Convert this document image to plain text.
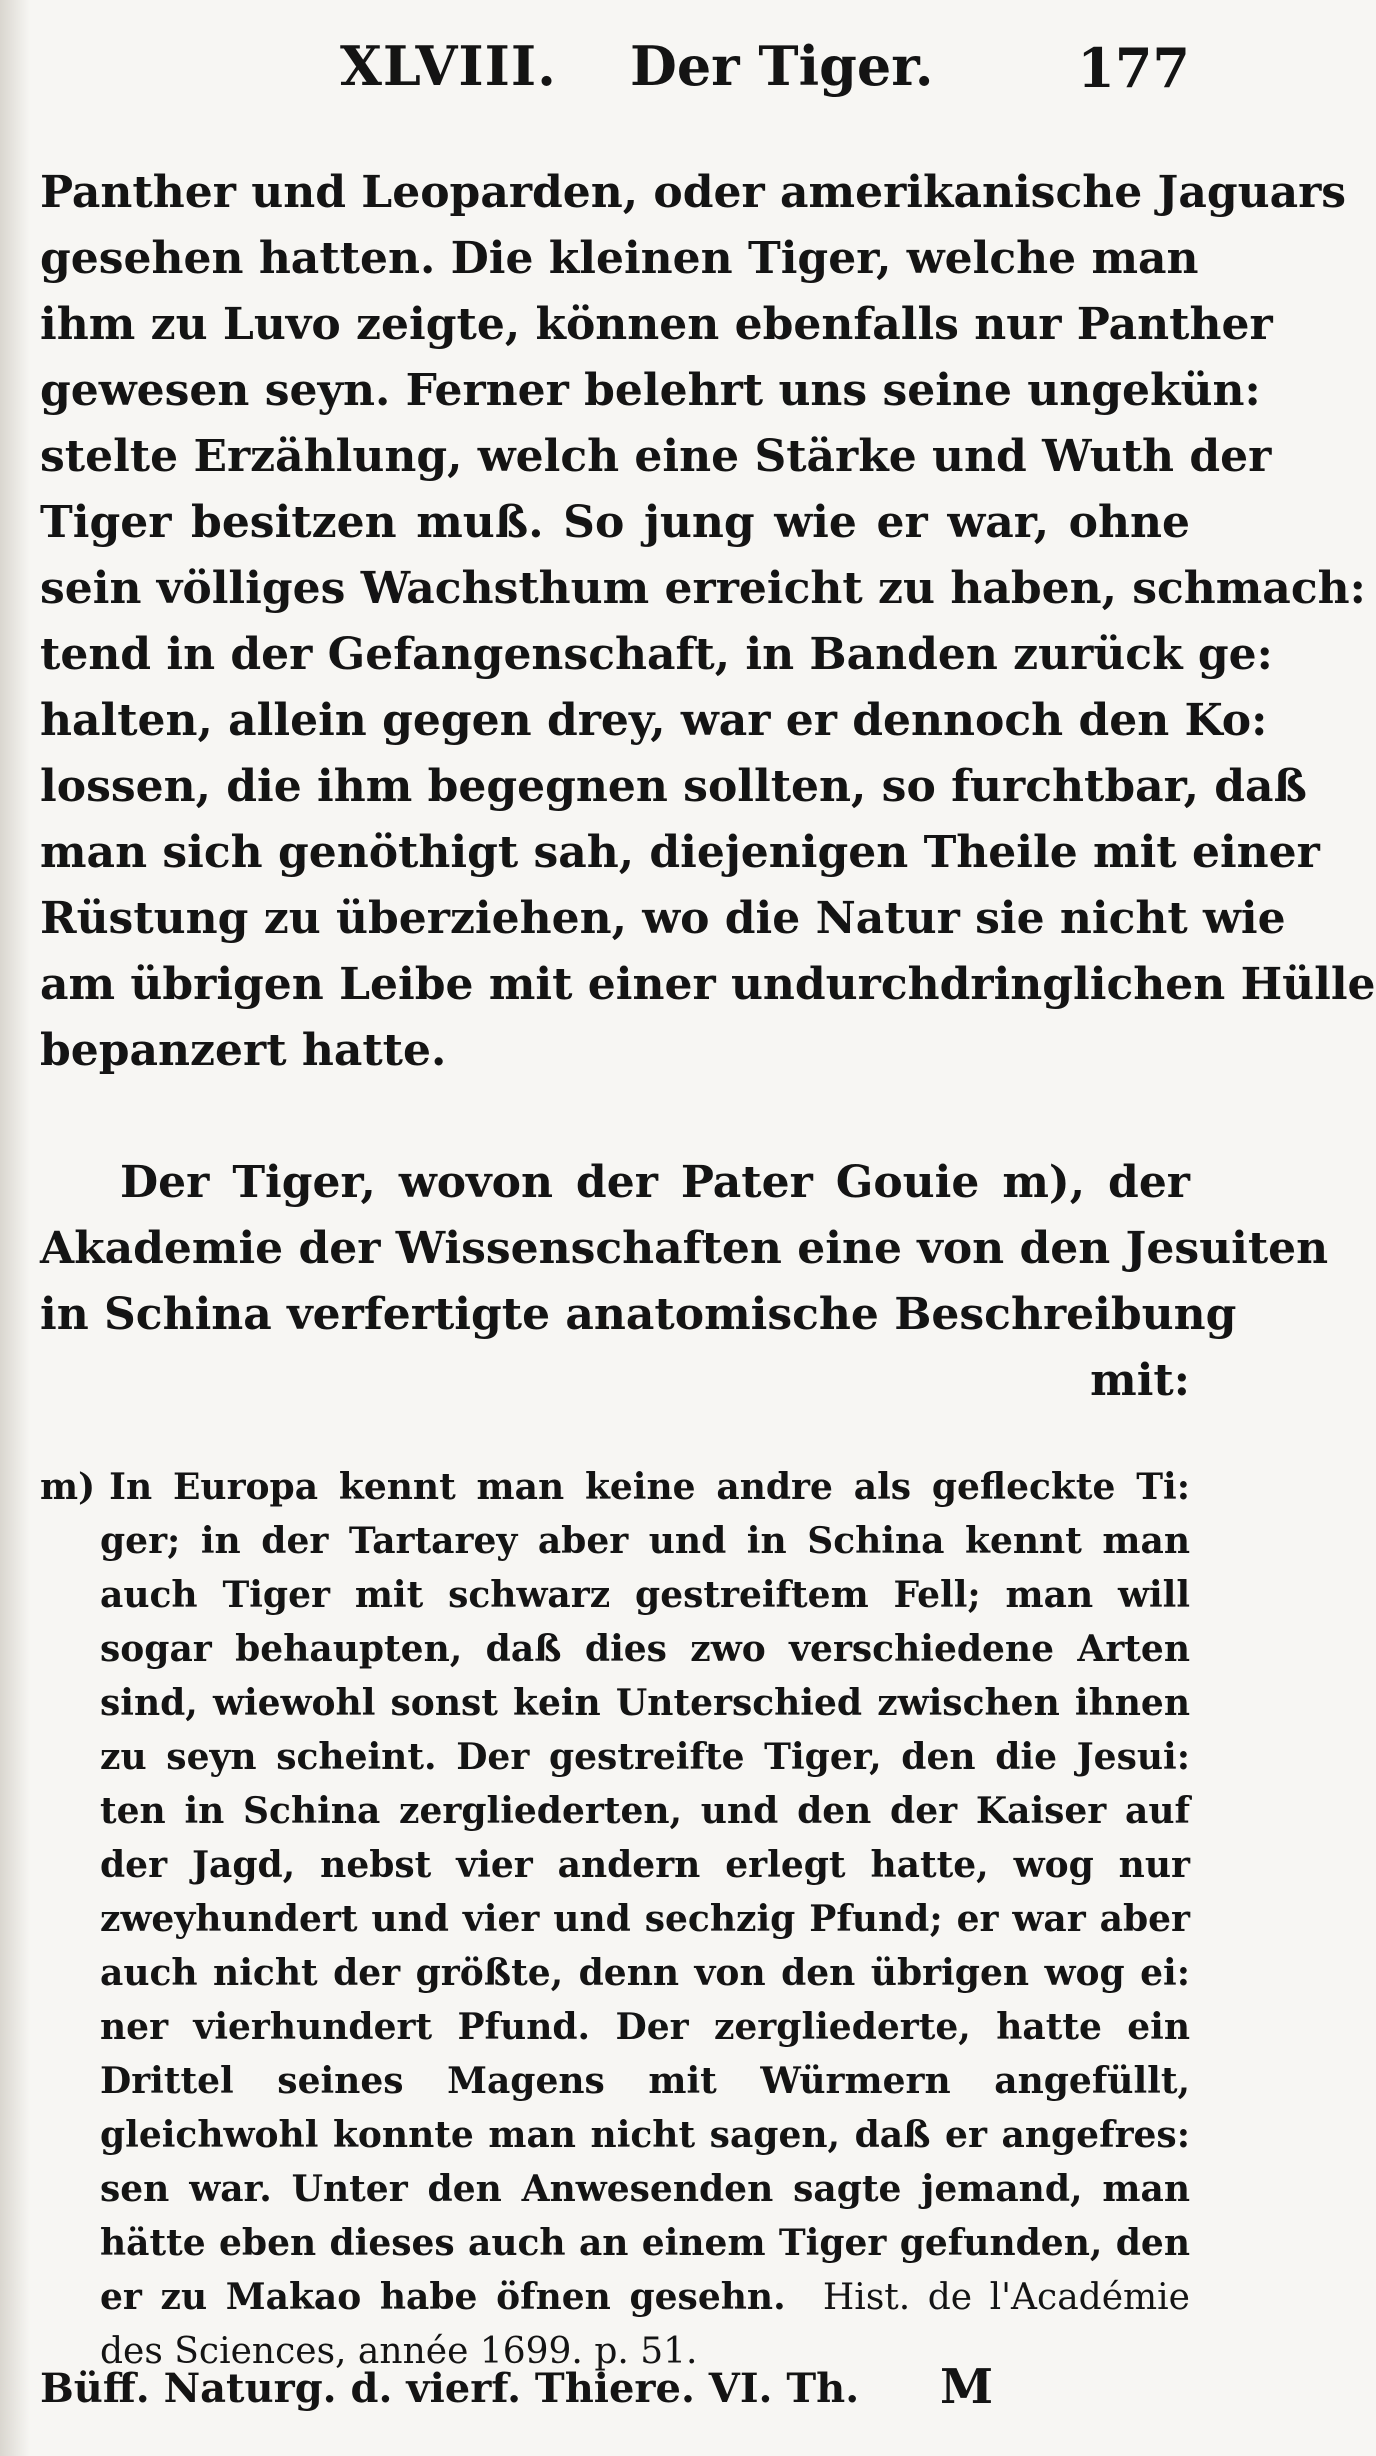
XLVIII. Der Tiger.	177
Panther und Leoparden, oder amerikanische Jaguars
gesehen hatten. Die kleinen Tiger, welche man
ihm zu Luvo zeigte, können ebenfalls nur Panther
gewesen seyn. Ferner belehrt uns seine ungekün:
stelte Erzählung, welch eine Stärke und Wuth der
Tiger besitzen muß. So jung wie er war, ohne
sein völliges Wachsthum erreicht zu haben, schmach:
tend in der Gefangenschaft, in Banden zurück ge:
halten, allein gegen drey, war er dennoch den Ko:
lossen, die ihm begegnen sollten, so furchtbar, daß
man sich genöthigt sah, diejenigen Theile mit einer
Rüstung zu überziehen, wo die Natur sie nicht wie
am übrigen Leibe mit einer undurchdringlichen Hülle
bepanzert hatte.
Der Tiger, wovon der Pater Gouie m), der
Akademie der Wissenschaften eine von den Jesuiten
in Schina verfertigte anatomische Beschreibung
mit:
m) In Europa kennt man keine andre als gefleckte Ti:
ger; in der Tartarey aber und in Schina kennt man
auch Tiger mit schwarz gestreiftem Fell; man will
sogar behaupten, daß dies zwo verschiedene Arten
sind, wiewohl sonst kein Unterschied zwischen ihnen
zu seyn scheint. Der gestreifte Tiger, den die Jesui:
ten in Schina zergliederten, und den der Kaiser auf
der Jagd, nebst vier andern erlegt hatte, wog nur
zweyhundert und vier und sechzig Pfund; er war aber
auch nicht der größte, denn von den übrigen wog ei:
ner vierhundert Pfund. Der zergliederte, hatte ein
Drittel seines Magens mit Würmern angefüllt,
gleichwohl konnte man nicht sagen, daß er angefres:
sen war. Unter den Anwesenden sagte jemand, man
hätte eben dieses auch an einem Tiger gefunden, den
er zu Makao habe öfnen gesehn. Hist. de l'Académie
des Sciences, année 1699. p. 51.
Büff. Naturg. d. vierf. Thiere. VI. Th. M
